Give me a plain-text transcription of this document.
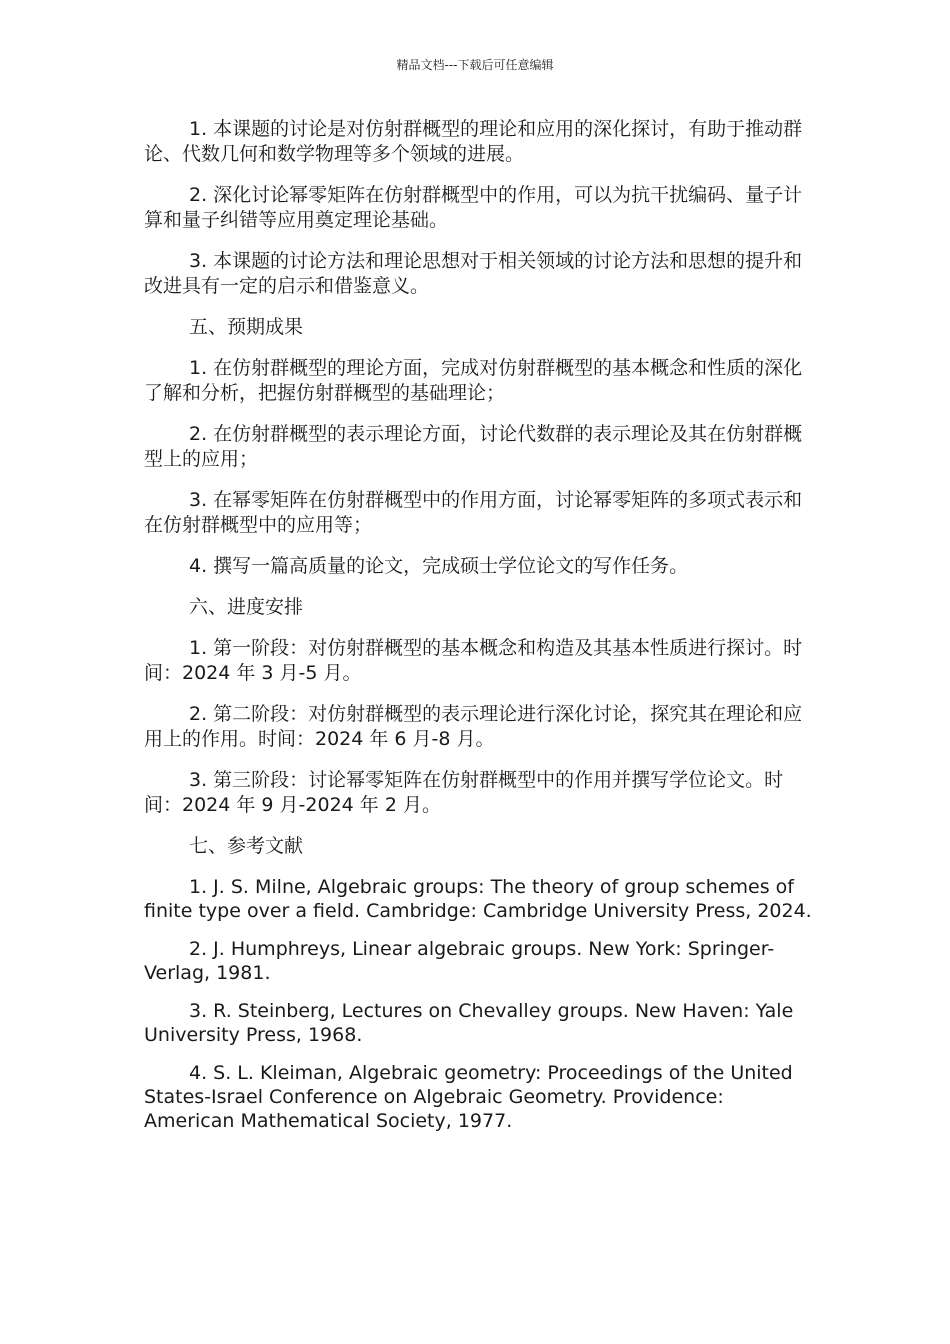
精品文档---下载后可任意编辑

1. 本课题的讨论是对仿射群概型的理论和应用的深化探讨，有助于推动群论、代数几何和数学物理等多个领域的进展。

2. 深化讨论幂零矩阵在仿射群概型中的作用，可以为抗干扰编码、量子计算和量子纠错等应用奠定理论基础。

3. 本课题的讨论方法和理论思想对于相关领域的讨论方法和思想的提升和改进具有一定的启示和借鉴意义。

五、预期成果

1. 在仿射群概型的理论方面，完成对仿射群概型的基本概念和性质的深化了解和分析，把握仿射群概型的基础理论；

2. 在仿射群概型的表示理论方面，讨论代数群的表示理论及其在仿射群概型上的应用；

3. 在幂零矩阵在仿射群概型中的作用方面，讨论幂零矩阵的多项式表示和在仿射群概型中的应用等；

4. 撰写一篇高质量的论文，完成硕士学位论文的写作任务。

六、进度安排

1. 第一阶段：对仿射群概型的基本概念和构造及其基本性质进行探讨。时间：2024 年 3 月-5 月。

2. 第二阶段：对仿射群概型的表示理论进行深化讨论，探究其在理论和应用上的作用。时间：2024 年 6 月-8 月。

3. 第三阶段：讨论幂零矩阵在仿射群概型中的作用并撰写学位论文。时间：2024 年 9 月-2024 年 2 月。

七、参考文献

1. J. S. Milne, Algebraic groups: The theory of group schemes of finite type over a field. Cambridge: Cambridge University Press, 2024.

2. J. Humphreys, Linear algebraic groups. New York: Springer-Verlag, 1981.

3. R. Steinberg, Lectures on Chevalley groups. New Haven: Yale University Press, 1968.

4. S. L. Kleiman, Algebraic geometry: Proceedings of the United States-Israel Conference on Algebraic Geometry. Providence: American Mathematical Society, 1977.
